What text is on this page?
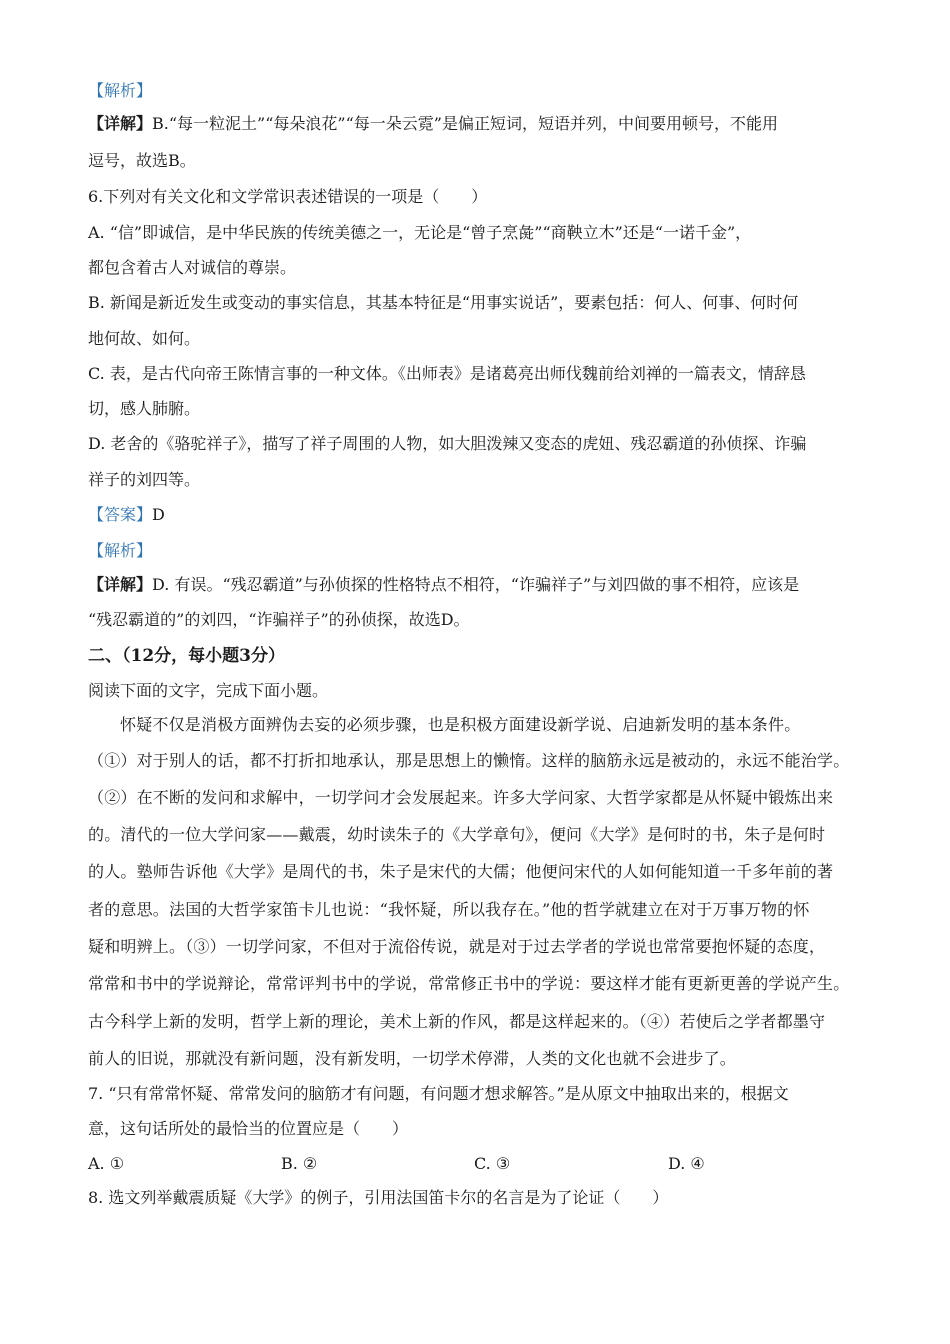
【解析】

【详解】B.“每一粒泥土”“每朵浪花”“每一朵云霓”是偏正短词，短语并列，中间要用顿号，不能用

逗号，故选B。

6.下列对有关文化和文学常识表述错误的一项是（　　）

A. “信”即诚信，是中华民族的传统美德之一，无论是“曾子烹彘”“商鞅立木”还是“一诺千金”，

都包含着古人对诚信的尊崇。

B. 新闻是新近发生或变动的事实信息，其基本特征是“用事实说话”，要素包括：何人、何事、何时何

地何故、如何。

C. 表，是古代向帝王陈情言事的一种文体。《出师表》是诸葛亮出师伐魏前给刘禅的一篇表文，情辞恳

切，感人肺腑。

D. 老舍的《骆驼祥子》，描写了祥子周围的人物，如大胆泼辣又变态的虎妞、残忍霸道的孙侦探、诈骗

祥子的刘四等。

【答案】D

【解析】

【详解】D. 有误。“残忍霸道”与孙侦探的性格特点不相符，“诈骗祥子”与刘四做的事不相符，应该是

“残忍霸道的”的刘四，“诈骗祥子”的孙侦探，故选D。

二、（12分，每小题3分）

阅读下面的文字，完成下面小题。

怀疑不仅是消极方面辨伪去妄的必须步骤，也是积极方面建设新学说、启迪新发明的基本条件。

（①）对于别人的话，都不打折扣地承认，那是思想上的懒惰。这样的脑筋永远是被动的，永远不能治学。

（②）在不断的发问和求解中，一切学问才会发展起来。许多大学问家、大哲学家都是从怀疑中锻炼出来

的。清代的一位大学问家——戴震，幼时读朱子的《大学章句》，便问《大学》是何时的书，朱子是何时

的人。塾师告诉他《大学》是周代的书，朱子是宋代的大儒；他便问宋代的人如何能知道一千多年前的著

者的意思。法国的大哲学家笛卡儿也说：“我怀疑，所以我存在。”他的哲学就建立在对于万事万物的怀

疑和明辨上。（③）一切学问家，不但对于流俗传说，就是对于过去学者的学说也常常要抱怀疑的态度，

常常和书中的学说辩论，常常评判书中的学说，常常修正书中的学说：要这样才能有更新更善的学说产生。

古今科学上新的发明，哲学上新的理论，美术上新的作风，都是这样起来的。（④）若使后之学者都墨守

前人的旧说，那就没有新问题，没有新发明，一切学术停滞，人类的文化也就不会进步了。

7. “只有常常怀疑、常常发问的脑筋才有问题，有问题才想求解答。”是从原文中抽取出来的，根据文

意，这句话所处的最恰当的位置应是（　　）

A. ①	B. ②	C. ③	D. ④

8. 选文列举戴震质疑《大学》的例子，引用法国笛卡尔的名言是为了论证（　　）
